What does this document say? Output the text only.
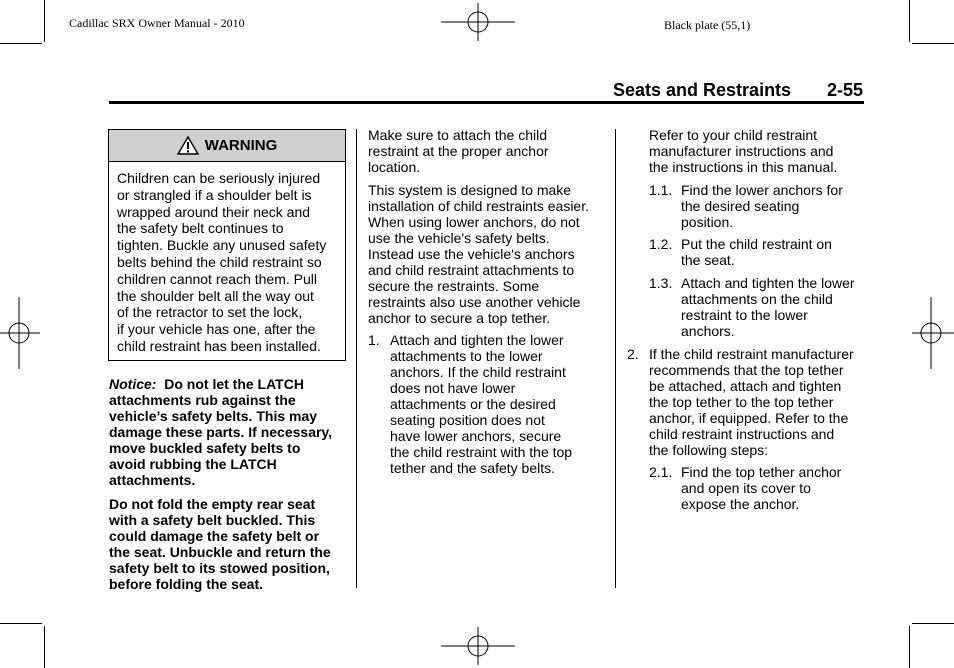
Cadillac SRX Owner Manual - 2010	Black plate (55,1)
Seats and Restraints 2-55
WARNING
Children can be seriously injured
or strangled if a shoulder belt is
wrapped around their neck and
the safety belt continues to
tighten. Buckle any unused safety
belts behind the child restraint so
children cannot reach them. Pull
the shoulder belt all the way out
of the retractor to set the lock,
if your vehicle has one, after the
child restraint has been installed.
Notice: Do not let the LATCH
attachments rub against the
vehicle’s safety belts. This may
damage these parts. If necessary,
move buckled safety belts to
avoid rubbing the LATCH
attachments.
Do not fold the empty rear seat
with a safety belt buckled. This
could damage the safety belt or
the seat. Unbuckle and return the
safety belt to its stowed position,
before folding the seat.
Make sure to attach the child
restraint at the proper anchor
location.
This system is designed to make
installation of child restraints easier.
When using lower anchors, do not
use the vehicle's safety belts.
Instead use the vehicle's anchors
and child restraint attachments to
secure the restraints. Some
restraints also use another vehicle
anchor to secure a top tether.
1. Attach and tighten the lower
attachments to the lower
anchors. If the child restraint
does not have lower
attachments or the desired
seating position does not
have lower anchors, secure
the child restraint with the top
tether and the safety belts.
Refer to your child restraint
manufacturer instructions and
the instructions in this manual.
1.1. Find the lower anchors for
the desired seating
position.
1.2. Put the child restraint on
the seat.
1.3. Attach and tighten the lower
attachments on the child
restraint to the lower
anchors.
2. If the child restraint manufacturer
recommends that the top tether
be attached, attach and tighten
the top tether to the top tether
anchor, if equipped. Refer to the
child restraint instructions and
the following steps:
2.1. Find the top tether anchor
and open its cover to
expose the anchor.
